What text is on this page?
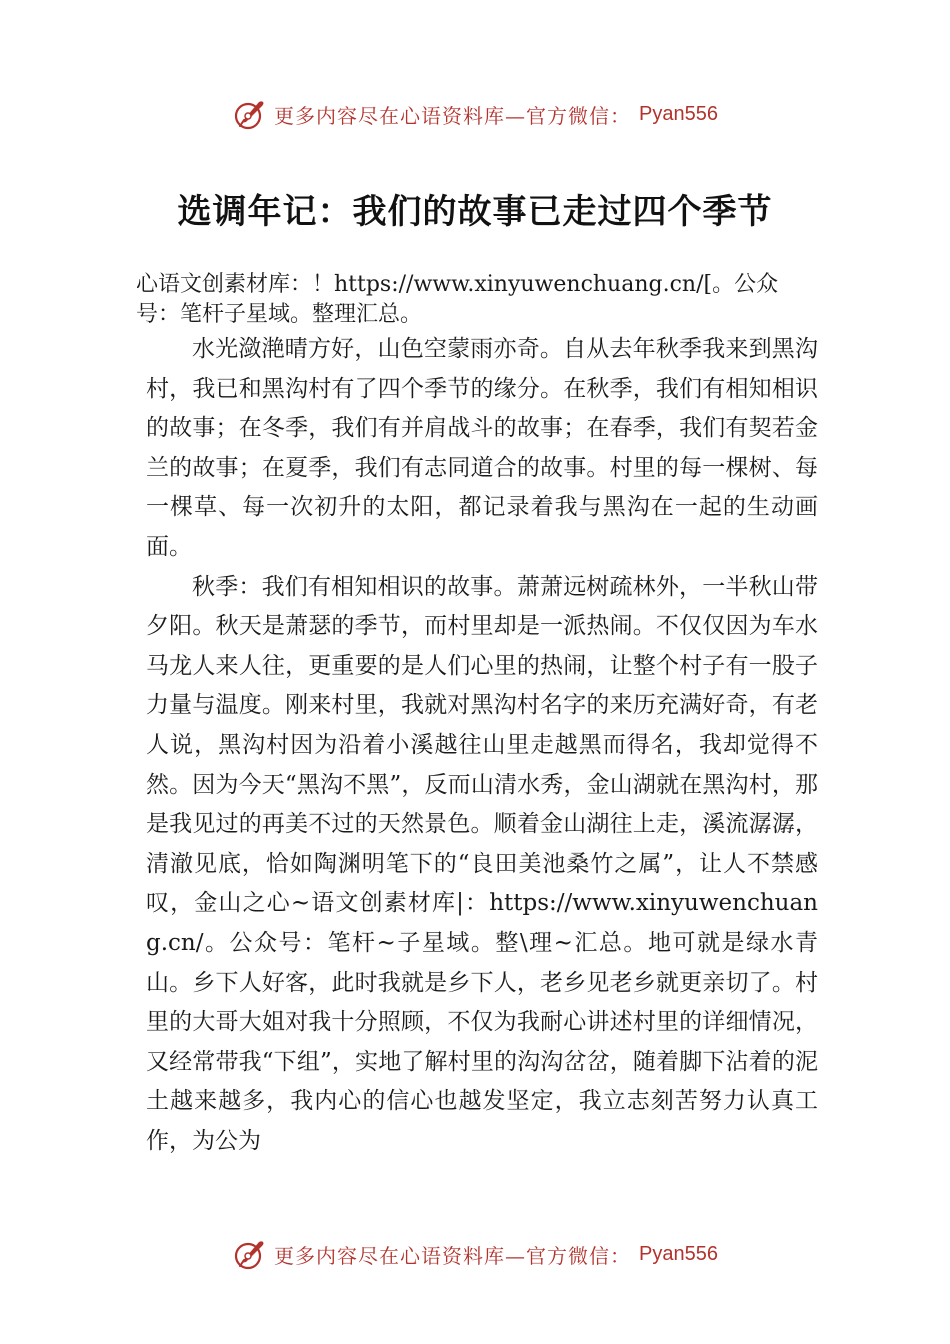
更多内容尽在心语资料库—官方微信： Pyan556
选调年记：我们的故事已走过四个季节

心语文创素材库：！https://www.xinyuwenchuang.cn/[。公众号：笔杆子星域。整理汇总。

水光潋滟晴方好，山色空蒙雨亦奇。自从去年秋季我来到黑沟村，我已和黑沟村有了四个季节的缘分。在秋季，我们有相知相识的故事；在冬季，我们有并肩战斗的故事；在春季，我们有契若金兰的故事；在夏季，我们有志同道合的故事。村里的每一棵树、每一棵草、每一次初升的太阳，都记录着我与黑沟在一起的生动画面。

秋季：我们有相知相识的故事。萧萧远树疏林外，一半秋山带夕阳。秋天是萧瑟的季节，而村里却是一派热闹。不仅仅因为车水马龙人来人往，更重要的是人们心里的热闹，让整个村子有一股子力量与温度。刚来村里，我就对黑沟村名字的来历充满好奇，有老人说，黑沟村因为沿着小溪越往山里走越黑而得名，我却觉得不然。因为今天“黑沟不黑”，反而山清水秀，金山湖就在黑沟村，那是我见过的再美不过的天然景色。顺着金山湖往上走，溪流潺潺，清澈见底，恰如陶渊明笔下的“良田美池桑竹之属”，让人不禁感叹，金山之心~语文创素材库|：https://www.xinyuwenchuang.cn/。公众号：笔杆~子星域。整\理~汇总。地可就是绿水青山。乡下人好客，此时我就是乡下人，老乡见老乡就更亲切了。村里的大哥大姐对我十分照顾，不仅为我耐心讲述村里的详细情况，又经常带我“下组”，实地了解村里的沟沟岔岔，随着脚下沾着的泥土越来越多，我内心的信心也越发坚定，我立志刻苦努力认真工作，为公为

更多内容尽在心语资料库—官方微信： Pyan556
